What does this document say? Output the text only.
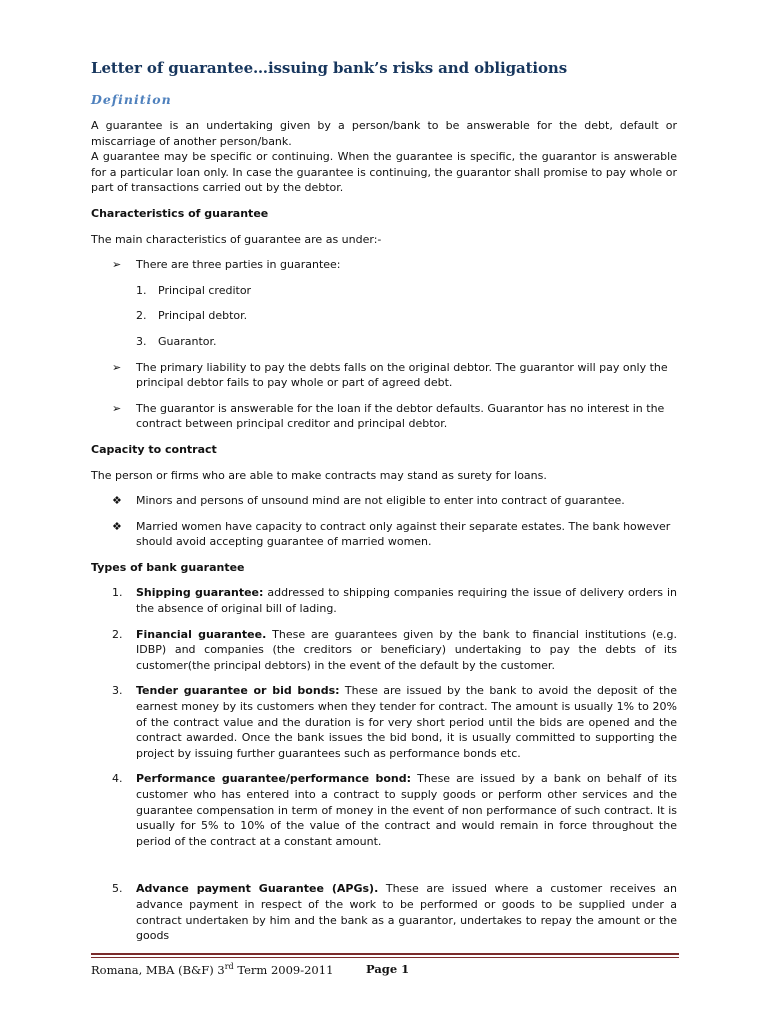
Letter of guarantee…issuing bank’s risks and obligations
Definition

A guarantee is an undertaking given by a person/bank to be answerable for the debt, default or miscarriage of another person/bank.

A guarantee may be specific or continuing. When the guarantee is specific, the guarantor is answerable for a particular loan only. In case the guarantee is continuing, the guarantor shall promise to pay whole or part of transactions carried out by the debtor.

Characteristics of guarantee

The main characteristics of guarantee are as under:-

➢ There are three parties in guarantee:
1. Principal creditor
2. Principal debtor.
3. Guarantor.
➢ The primary liability to pay the debts falls on the original debtor. The guarantor will pay only the principal debtor fails to pay whole or part of agreed debt.
➢ The guarantor is answerable for the loan if the debtor defaults. Guarantor has no interest in the contract between principal creditor and principal debtor.

Capacity to contract

The person or firms who are able to make contracts may stand as surety for loans.

❖ Minors and persons of unsound mind are not eligible to enter into contract of guarantee.
❖ Married women have capacity to contract only against their separate estates. The bank however should avoid accepting guarantee of married women.

Types of bank guarantee

1. Shipping guarantee: addressed to shipping companies requiring the issue of delivery orders in the absence of original bill of lading.
2. Financial guarantee. These are guarantees given by the bank to financial institutions (e.g. IDBP) and companies (the creditors or beneficiary) undertaking to pay the debts of its customer(the principal debtors) in the event of the default by the customer.
3. Tender guarantee or bid bonds: These are issued by the bank to avoid the deposit of the earnest money by its customers when they tender for contract. The amount is usually 1% to 20% of the contract value and the duration is for very short period until the bids are opened and the contract awarded. Once the bank issues the bid bond, it is usually committed to supporting the project by issuing further guarantees such as performance bonds etc.
4. Performance guarantee/performance bond: These are issued by a bank on behalf of its customer who has entered into a contract to supply goods or perform other services and the guarantee compensation in term of money in the event of non performance of such contract. It is usually for 5% to 10% of the value of the contract and would remain in force throughout the period of the contract at a constant amount.
5. Advance payment Guarantee (APGs). These are issued where a customer receives an advance payment in respect of the work to be performed or goods to be supplied under a contract undertaken by him and the bank as a guarantor, undertakes to repay the amount or the goods
Romana, MBA (B&F) 3rd Term 2009-2011	Page 1
